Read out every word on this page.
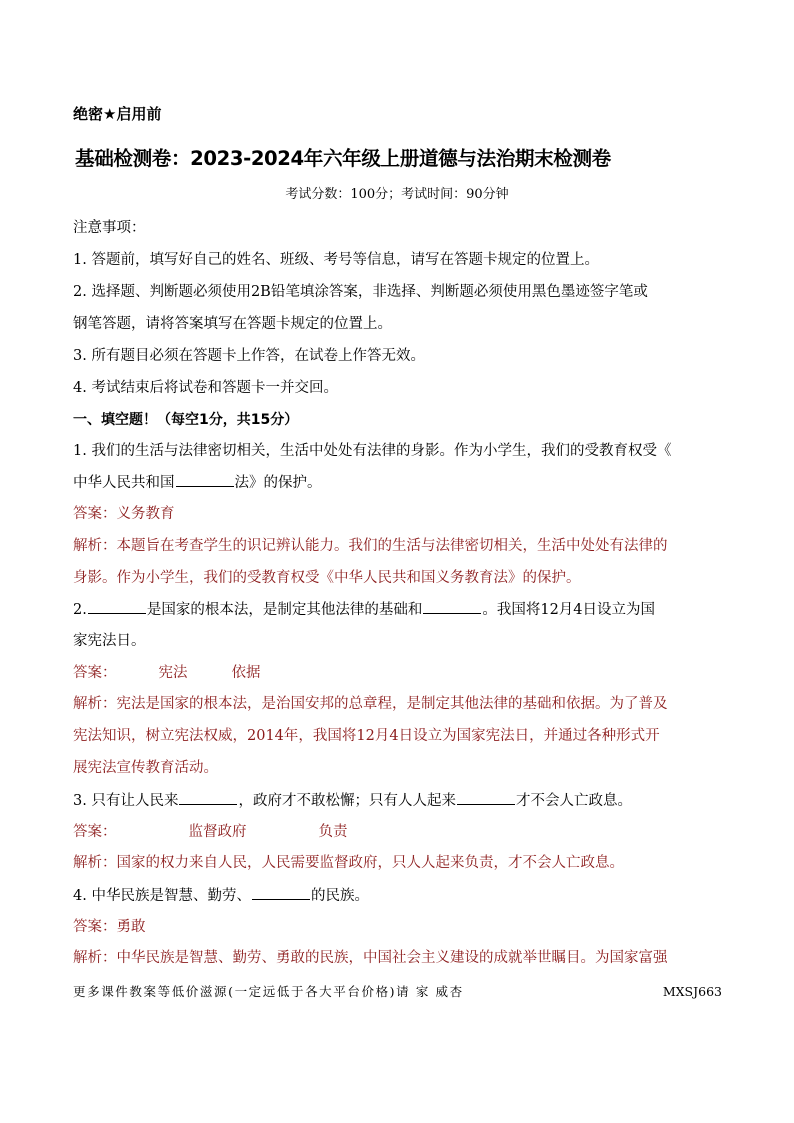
绝密★启用前
基础检测卷：2023-2024年六年级上册道德与法治期末检测卷
考试分数：100分；考试时间：90分钟
注意事项：
1. 答题前，填写好自己的姓名、班级、考号等信息，请写在答题卡规定的位置上。
2. 选择题、判断题必须使用2B铅笔填涂答案，非选择、判断题必须使用黑色墨迹签字笔或
钢笔答题，请将答案填写在答题卡规定的位置上。
3. 所有题目必须在答题卡上作答，在试卷上作答无效。
4. 考试结束后将试卷和答题卡一并交回。
一、填空题！（每空1分，共15分）
1. 我们的生活与法律密切相关，生活中处处有法律的身影。作为小学生，我们的受教育权受《
中华人民共和国	法》的保护。
答案：义务教育
解析：本题旨在考查学生的识记辨认能力。我们的生活与法律密切相关，生活中处处有法律的
身影。作为小学生，我们的受教育权受《中华人民共和国义务教育法》的保护。
2.	是国家的根本法，是制定其他法律的基础和	。我国将12月4日设立为国
家宪法日。
答案：	宪法	依据
解析：宪法是国家的根本法，是治国安邦的总章程，是制定其他法律的基础和依据。为了普及
宪法知识，树立宪法权威，2014年，我国将12月4日设立为国家宪法日，并通过各种形式开
展宪法宣传教育活动。
3. 只有让人民来	，政府才不敢松懈；只有人人起来	才不会人亡政息。
答案：	监督政府	负责
解析：国家的权力来自人民，人民需要监督政府，只人人起来负责，才不会人亡政息。
4. 中华民族是智慧、勤劳、	的民族。
答案：勇敢
解析：中华民族是智慧、勤劳、勇敢的民族，中国社会主义建设的成就举世瞩目。为国家富强
更多课件教案等低价滋源(一定远低于各大平台价格)请 家 威杏	MXSJ663
